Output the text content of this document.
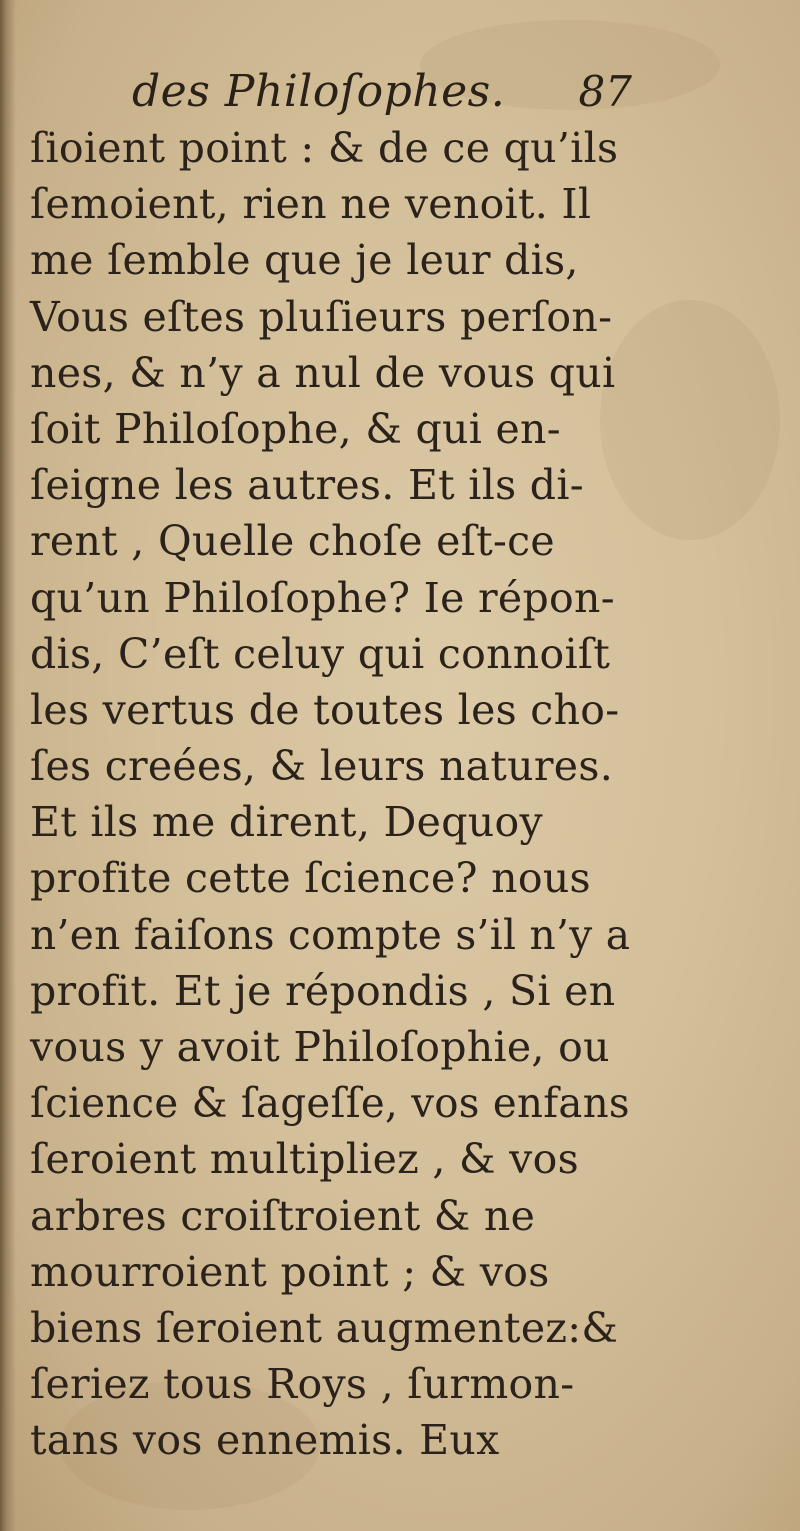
des Philoſophes. 87
ſioient point : & de ce qu’ils
ſemoient, rien ne venoit. Il
me ſemble que je leur dis,
Vous eſtes pluſieurs perſon-
nes, & n’y a nul de vous qui
ſoit Philoſophe, & qui en-
ſeigne les autres. Et ils di-
rent , Quelle choſe eſt-ce
qu’un Philoſophe? Ie répon-
dis, C’eſt celuy qui connoiſt
les vertus de toutes les cho-
ſes creées, & leurs natures.
Et ils me dirent, Dequoy
profite cette ſcience? nous
n’en faiſons compte s’il n’y a
profit. Et je répondis , Si en
vous y avoit Philoſophie, ou
ſcience & ſageſſe, vos enfans
ſeroient multipliez , & vos
arbres croiſtroient & ne
mourroient point ; & vos
biens ſeroient augmentez:&
ſeriez tous Roys , ſurmon-
tans vos ennemis. Eux
